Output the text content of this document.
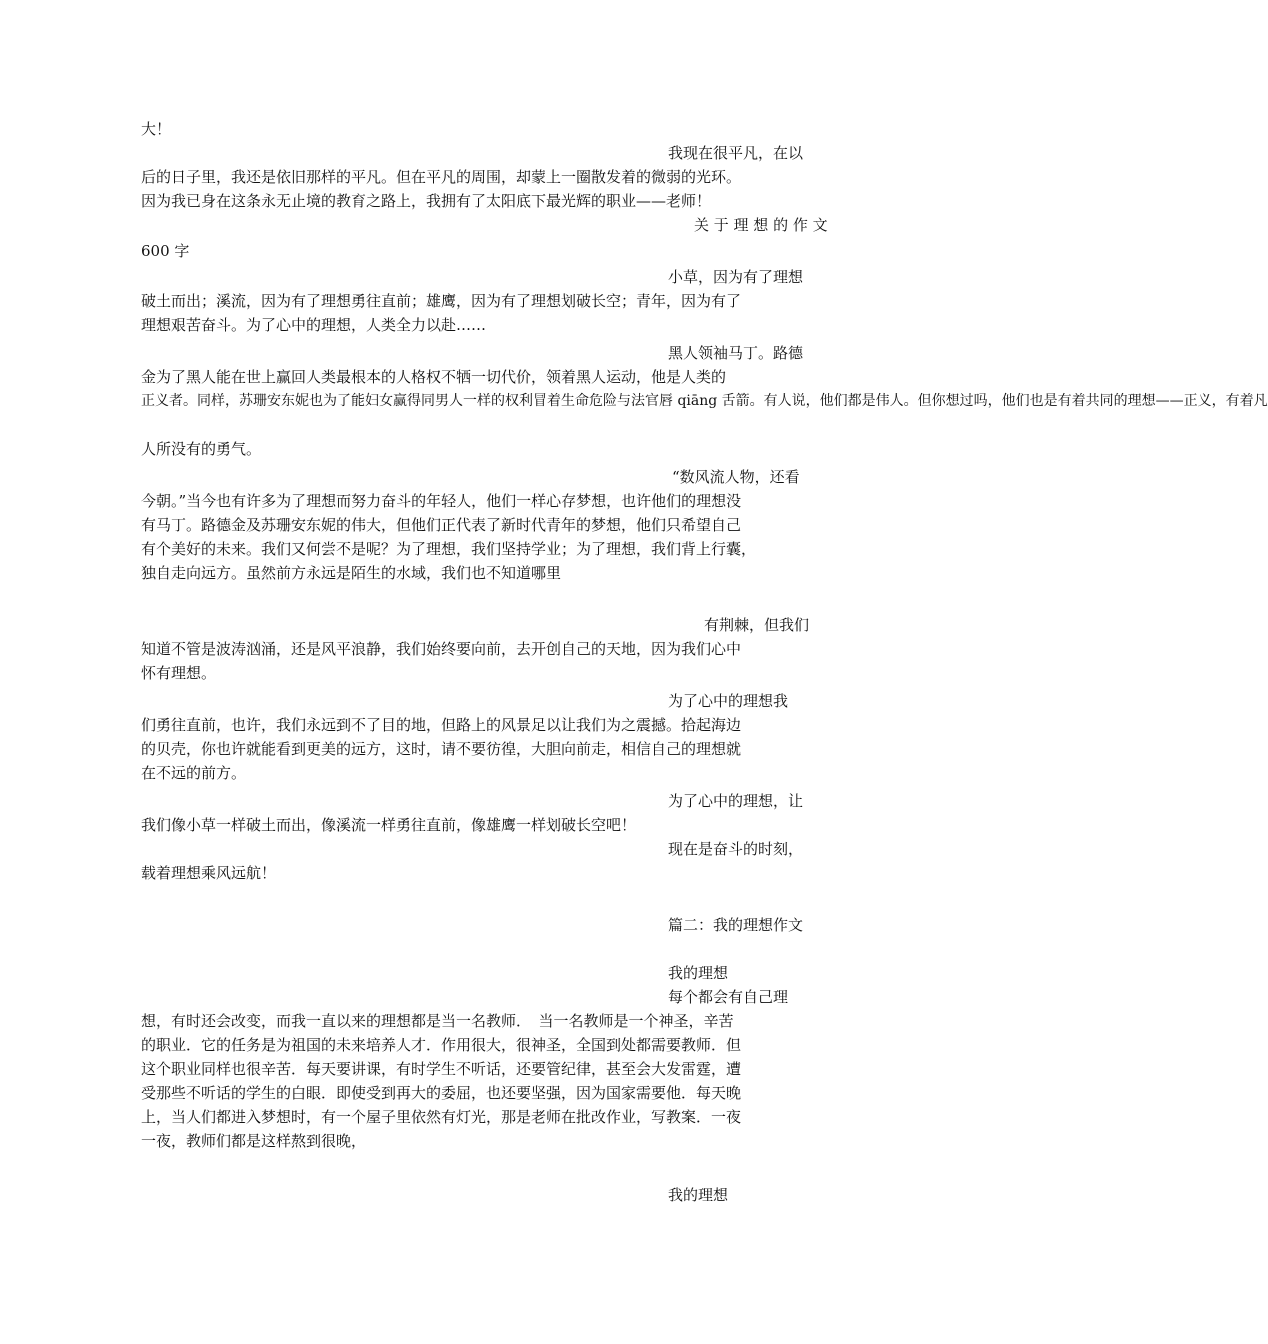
大！
我现在很平凡，在以
后的日子里，我还是依旧那样的平凡。但在平凡的周围，却蒙上一圈散发着的微弱的光环。
因为我已身在这条永无止境的教育之路上，我拥有了太阳底下最光辉的职业——老师！
关 于 理 想 的 作 文
600 字
小草，因为有了理想
破土而出；溪流，因为有了理想勇往直前；雄鹰，因为有了理想划破长空；青年，因为有了
理想艰苦奋斗。为了心中的理想，人类全力以赴……
黑人领袖马丁。路德
金为了黑人能在世上赢回人类最根本的人格权不牺一切代价，领着黑人运动，他是人类的
正义者。同样，苏珊安东妮也为了能妇女赢得同男人一样的权利冒着生命危险与法官唇 qiāng 舌箭。有人说，他们都是伟人。但你想过吗，他们也是有着共同的理想——正义，有着凡
人所没有的勇气。
“数风流人物，还看
今朝。”当今也有许多为了理想而努力奋斗的年轻人，他们一样心存梦想，也许他们的理想没
有马丁。路德金及苏珊安东妮的伟大，但他们正代表了新时代青年的梦想，他们只希望自己
有个美好的未来。我们又何尝不是呢？为了理想，我们坚持学业；为了理想，我们背上行囊，
独自走向远方。虽然前方永远是陌生的水域，我们也不知道哪里
有荆棘，但我们
知道不管是波涛汹涌，还是风平浪静，我们始终要向前，去开创自己的天地，因为我们心中
怀有理想。
为了心中的理想我
们勇往直前，也许，我们永远到不了目的地，但路上的风景足以让我们为之震撼。拾起海边
的贝壳，你也许就能看到更美的远方，这时，请不要彷徨，大胆向前走，相信自己的理想就
在不远的前方。
为了心中的理想，让
我们像小草一样破土而出，像溪流一样勇往直前，像雄鹰一样划破长空吧！
现在是奋斗的时刻，
载着理想乘风远航！
篇二：我的理想作文
我的理想
每个都会有自己理
想，有时还会改变，而我一直以来的理想都是当一名教师．　当一名教师是一个神圣，辛苦
的职业．它的任务是为祖国的未来培养人才．作用很大，很神圣，全国到处都需要教师．但
这个职业同样也很辛苦．每天要讲课，有时学生不听话，还要管纪律，甚至会大发雷霆，遭
受那些不听话的学生的白眼．即使受到再大的委屈，也还要坚强，因为国家需要他．每天晚
上，当人们都进入梦想时，有一个屋子里依然有灯光，那是老师在批改作业，写教案．一夜
一夜，教师们都是这样熬到很晚，
我的理想
